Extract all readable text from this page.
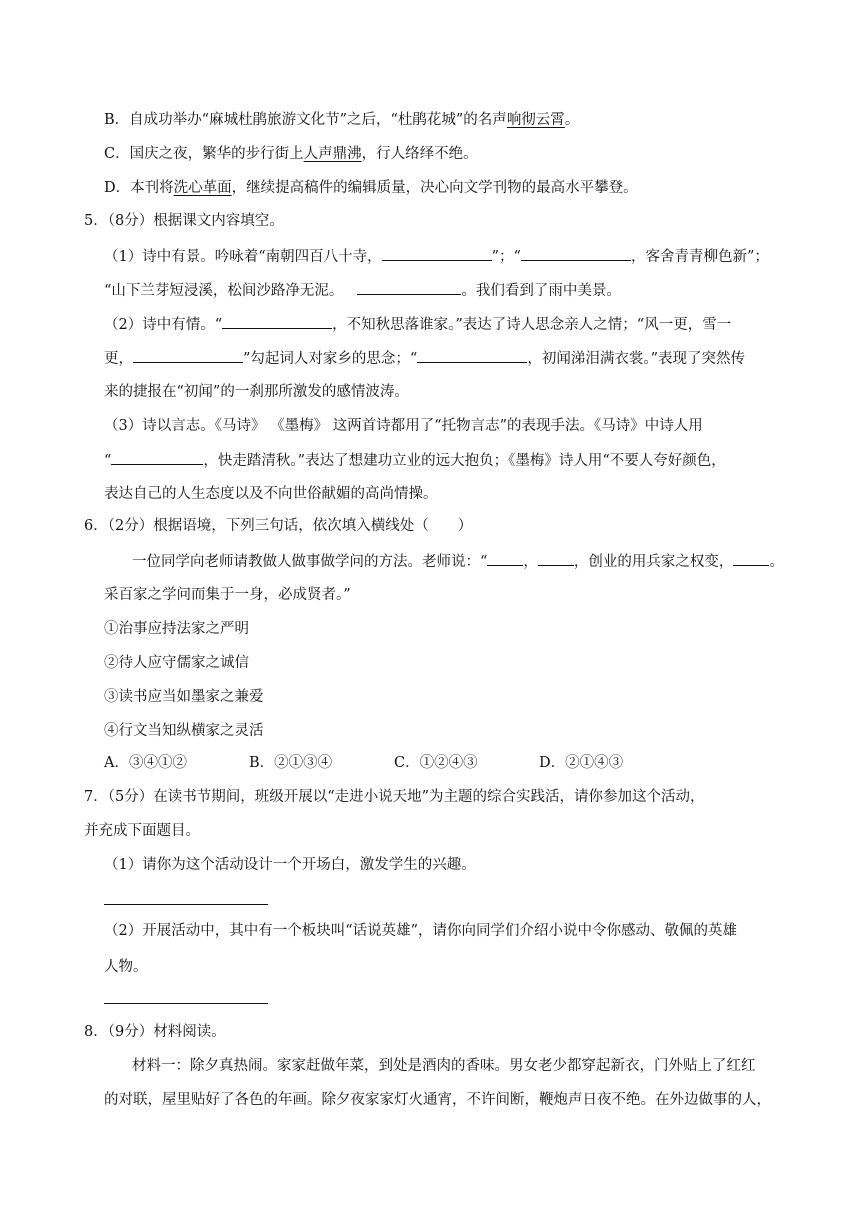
B．自成功举办“麻城杜鹃旅游文化节”之后，“杜鹃花城”的名声响彻云霄。
C．国庆之夜，繁华的步行街上人声鼎沸，行人络绎不绝。
D．本刊将洗心革面，继续提高稿件的编辑质量，决心向文学刊物的最高水平攀登。
5．（8分）根据课文内容填空。
（1）诗中有景。吟咏着“南朝四百八十寺，	”；“	，客舍青青柳色新”；
“山下兰芽短浸溪，松间沙路净无泥。	。我们看到了雨中美景。
（2）诗中有情。“	，不知秋思落谁家。”表达了诗人思念亲人之情；“风一更，雪一
更，	”勾起词人对家乡的思念；“	，初闻涕泪满衣裳。”表现了突然传
来的捷报在“初闻”的一刹那所激发的感情波涛。
（3）诗以言志。《马诗》 《墨梅》 这两首诗都用了“托物言志”的表现手法。《马诗》中诗人用
“	，快走踏清秋。”表达了想建功立业的远大抱负；《墨梅》诗人用“不要人夸好颜色，
表达自己的人生态度以及不向世俗献媚的高尚情操。
6．（2分）根据语境，下列三句话，依次填入横线处（　　）
一位同学向老师请教做人做事做学问的方法。老师说：“ ， ，创业的用兵家之权变， 。
采百家之学问而集于一身，必成贤者。”
①治事应持法家之严明
②待人应守儒家之诚信
③读书应当如墨家之兼爱
④行文当知纵横家之灵活
A．③④①②	B．②①③④	C．①②④③	D．②①④③
7．（5分）在读书节期间，班级开展以“走进小说天地”为主题的综合实践活，请你参加这个活动，
并充成下面题目。
（1）请你为这个活动设计一个开场白，激发学生的兴趣。
（2）开展活动中，其中有一个板块叫“话说英雄”，请你向同学们介绍小说中令你感动、敬佩的英雄
人物。
8．（9分）材料阅读。
材料一：除夕真热闹。家家赶做年菜，到处是酒肉的香味。男女老少都穿起新衣，门外贴上了红红
的对联，屋里贴好了各色的年画。除夕夜家家灯火通宵，不许间断，鞭炮声日夜不绝。在外边做事的人，
